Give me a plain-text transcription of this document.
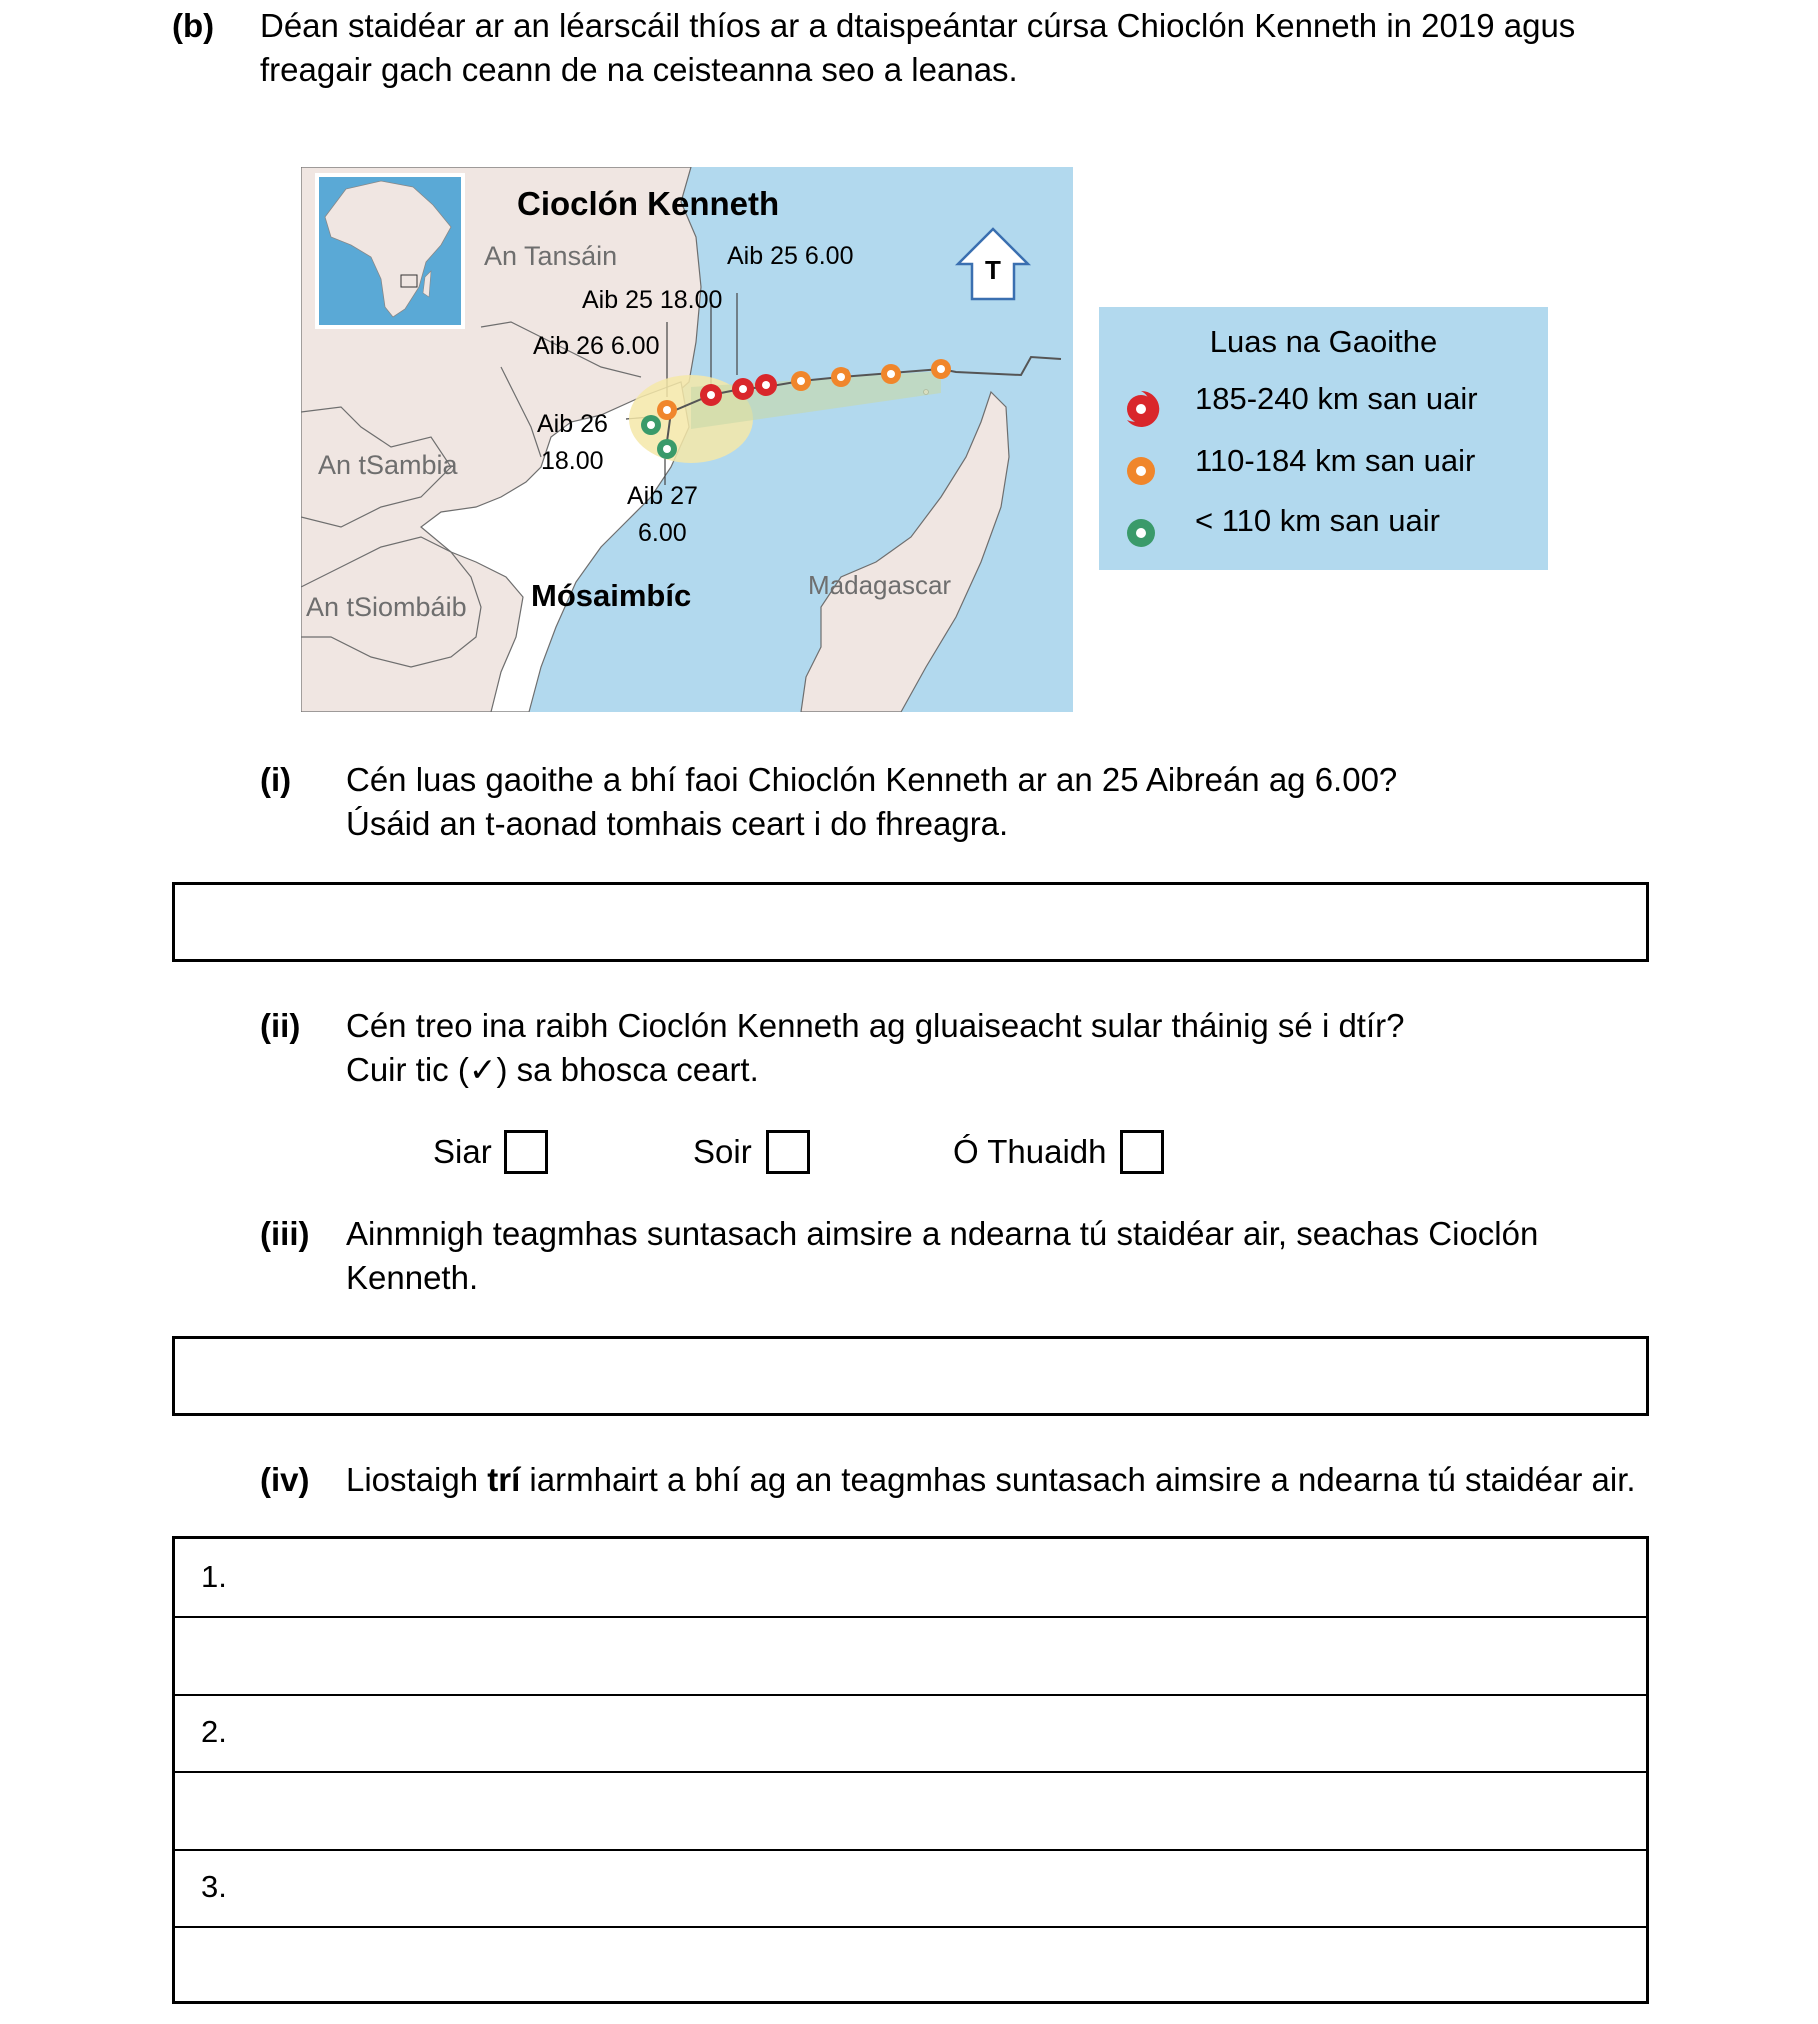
(b) Déan staidéar ar an léarscáil thíos ar a dtaispeántar cúrsa Chioclón Kenneth in 2019 agus
freagair gach ceann de na ceisteanna seo a leanas.
T
Cioclón Kenneth
An Tansáin	Aib 25 6.00
Aib 25 18.00
Aib 26 6.00
Aib 26
18.00
Aib 27
6.00
An tSambia
An tSiombáib Mósaimbíc	Madagascar
Luas na Gaoithe
185-240 km san uair
110-184 km san uair
< 110 km san uair
(i) Cén luas gaoithe a bhí faoi Chioclón Kenneth ar an 25 Aibreán ag 6.00?
Úsáid an t-aonad tomhais ceart i do fhreagra.
(ii) Cén treo ina raibh Cioclón Kenneth ag gluaiseacht sular tháinig sé i dtír?
Cuir tic (✓) sa bhosca ceart.
Siar	Soir	Ó Thuaidh
(iii) Ainmnigh teagmhas suntasach aimsire a ndearna tú staidéar air, seachas Cioclón
Kenneth.
(iv) Liostaigh trí iarmhairt a bhí ag an teagmhas suntasach aimsire a ndearna tú staidéar air.
1.
2.
3.
